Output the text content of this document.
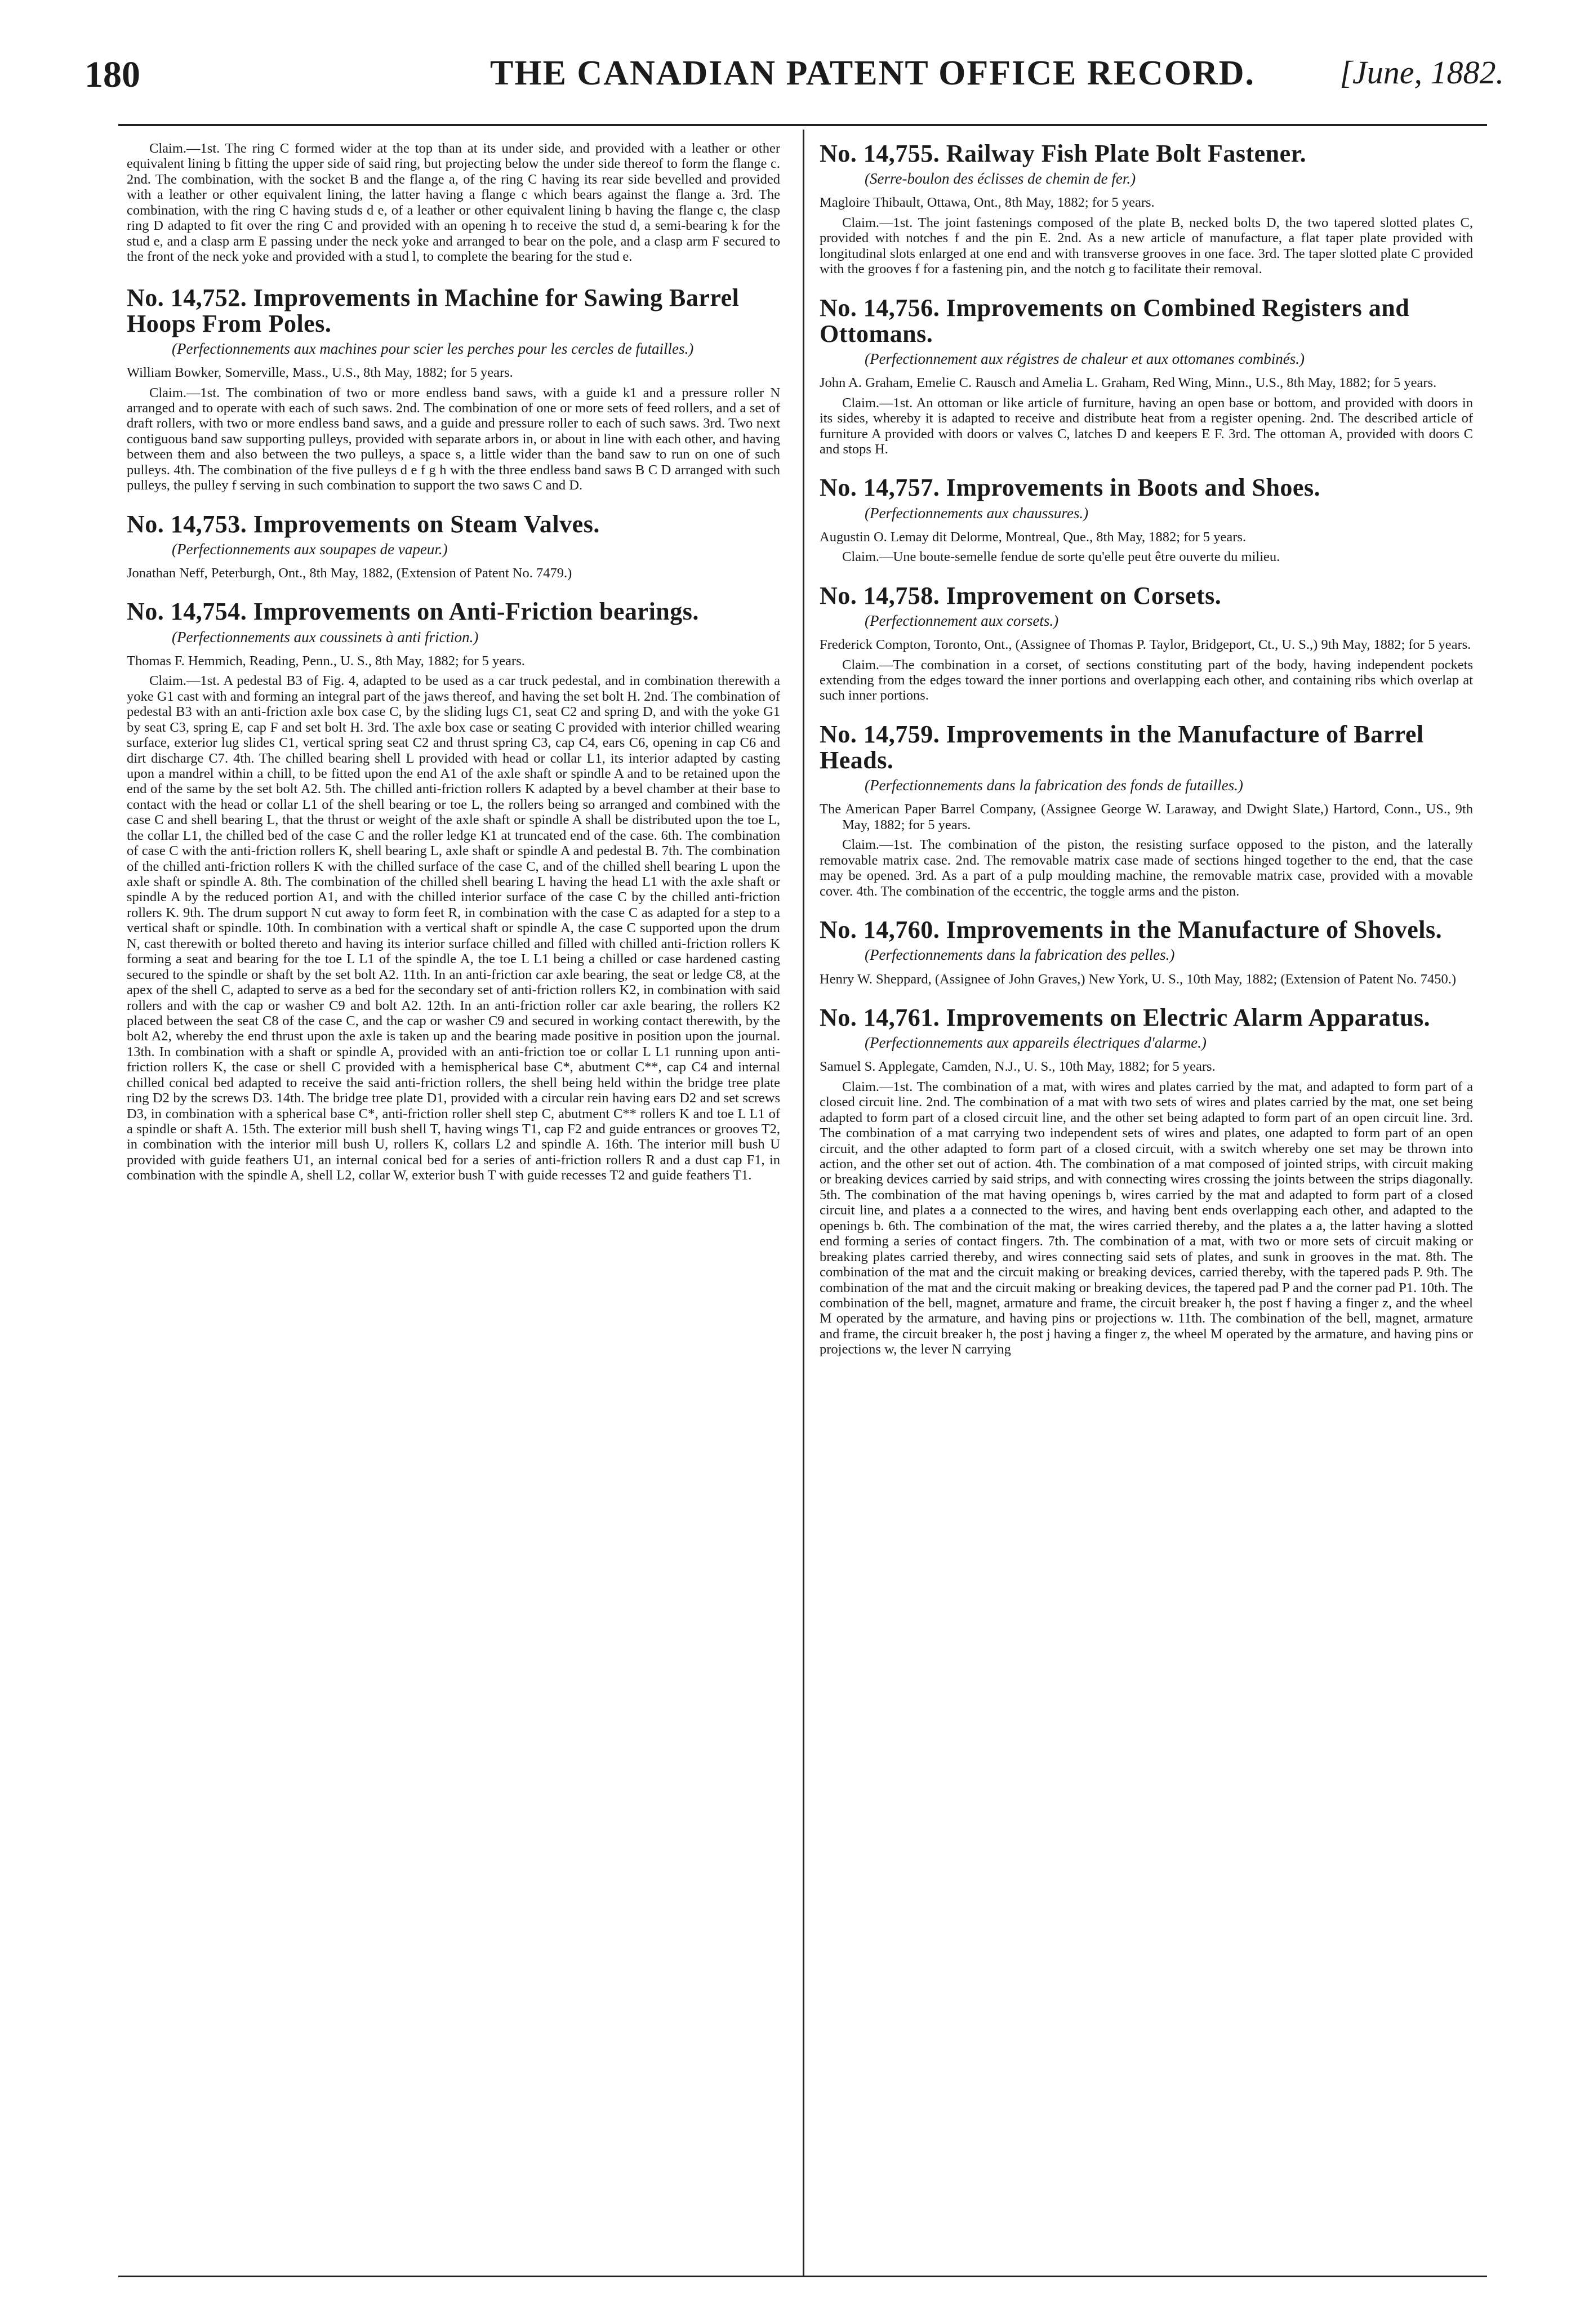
180	THE CANADIAN PATENT OFFICE RECORD.	[June, 1882.

Claim.—1st. The ring C formed wider at the top than at its under side, and provided with a leather or other equivalent lining b fitting the upper side of said ring, but projecting below the under side thereof to form the flange c. 2nd. The combination, with the socket B and the flange a, of the ring C having its rear side bevelled and provided with a leather or other equivalent lining, the latter having a flange c which bears against the flange a. 3rd. The combination, with the ring C having studs d e, of a leather or other equivalent lining b having the flange c, the clasp ring D adapted to fit over the ring C and provided with an opening h to receive the stud d, a semi-bearing k for the stud e, and a clasp arm E passing under the neck yoke and arranged to bear on the pole, and a clasp arm F secured to the front of the neck yoke and provided with a stud l, to complete the bearing for the stud e.

No. 14,752. Improvements in Machine for Sawing Barrel Hoops From Poles.

(Perfectionnements aux machines pour scier les perches pour les cercles de futailles.)

William Bowker, Somerville, Mass., U.S., 8th May, 1882; for 5 years.

Claim.—1st. The combination of two or more endless band saws, with a guide k1 and a pressure roller N arranged and to operate with each of such saws. 2nd. The combination of one or more sets of feed rollers, and a set of draft rollers, with two or more endless band saws, and a guide and pressure roller to each of such saws. 3rd. Two next contiguous band saw supporting pulleys, provided with separate arbors in, or about in line with each other, and having between them and also between the two pulleys, a space s, a little wider than the band saw to run on one of such pulleys. 4th. The combination of the five pulleys d e f g h with the three endless band saws B C D arranged with such pulleys, the pulley f serving in such combination to support the two saws C and D.

No. 14,753. Improvements on Steam Valves.

(Perfectionnements aux soupapes de vapeur.)

Jonathan Neff, Peterburgh, Ont., 8th May, 1882, (Extension of Patent No. 7479.)

No. 14,754. Improvements on Anti-Friction bearings.

(Perfectionnements aux coussinets à anti friction.)

Thomas F. Hemmich, Reading, Penn., U. S., 8th May, 1882; for 5 years.

Claim.—1st. A pedestal B3 of Fig. 4, adapted to be used as a car truck pedestal, and in combination therewith a yoke G1 cast with and forming an integral part of the jaws thereof, and having the set bolt H. 2nd. The combination of pedestal B3 with an anti-friction axle box case C, by the sliding lugs C1, seat C2 and spring D, and with the yoke G1 by seat C3, spring E, cap F and set bolt H. 3rd. The axle box case or seating C provided with interior chilled wearing surface, exterior lug slides C1, vertical spring seat C2 and thrust spring C3, cap C4, ears C6, opening in cap C6 and dirt discharge C7. 4th. The chilled bearing shell L provided with head or collar L1, its interior adapted by casting upon a mandrel within a chill, to be fitted upon the end A1 of the axle shaft or spindle A and to be retained upon the end of the same by the set bolt A2. 5th. The chilled anti-friction rollers K adapted by a bevel chamber at their base to contact with the head or collar L1 of the shell bearing or toe L, the rollers being so arranged and combined with the case C and shell bearing L, that the thrust or weight of the axle shaft or spindle A shall be distributed upon the toe L, the collar L1, the chilled bed of the case C and the roller ledge K1 at truncated end of the case. 6th. The combination of case C with the anti-friction rollers K, shell bearing L, axle shaft or spindle A and pedestal B. 7th. The combination of the chilled anti-friction rollers K with the chilled surface of the case C, and of the chilled shell bearing L upon the axle shaft or spindle A. 8th. The combination of the chilled shell bearing L having the head L1 with the axle shaft or spindle A by the reduced portion A1, and with the chilled interior surface of the case C by the chilled anti-friction rollers K. 9th. The drum support N cut away to form feet R, in combination with the case C as adapted for a step to a vertical shaft or spindle. 10th. In combination with a vertical shaft or spindle A, the case C supported upon the drum N, cast therewith or bolted thereto and having its interior surface chilled and filled with chilled anti-friction rollers K forming a seat and bearing for the toe L L1 of the spindle A, the toe L L1 being a chilled or case hardened casting secured to the spindle or shaft by the set bolt A2. 11th. In an anti-friction car axle bearing, the seat or ledge C8, at the apex of the shell C, adapted to serve as a bed for the secondary set of anti-friction rollers K2, in combination with said rollers and with the cap or washer C9 and bolt A2. 12th. In an anti-friction roller car axle bearing, the rollers K2 placed between the seat C8 of the case C, and the cap or washer C9 and secured in working contact therewith, by the bolt A2, whereby the end thrust upon the axle is taken up and the bearing made positive in position upon the journal. 13th. In combination with a shaft or spindle A, provided with an anti-friction toe or collar L L1 running upon anti-friction rollers K, the case or shell C provided with a hemispherical base C*, abutment C**, cap C4 and internal chilled conical bed adapted to receive the said anti-friction rollers, the shell being held within the bridge tree plate ring D2 by the screws D3. 14th. The bridge tree plate D1, provided with a circular rein having ears D2 and set screws D3, in combination with a spherical base C*, anti-friction roller shell step C, abutment C** rollers K and toe L L1 of a spindle or shaft A. 15th. The exterior mill bush shell T, having wings T1, cap F2 and guide entrances or grooves T2, in combination with the interior mill bush U, rollers K, collars L2 and spindle A. 16th. The interior mill bush U provided with guide feathers U1, an internal conical bed for a series of anti-friction rollers R and a dust cap F1, in combination with the spindle A, shell L2, collar W, exterior bush T with guide recesses T2 and guide feathers T1.

No. 14,755. Railway Fish Plate Bolt Fastener.

(Serre-boulon des éclisses de chemin de fer.)

Magloire Thibault, Ottawa, Ont., 8th May, 1882; for 5 years.

Claim.—1st. The joint fastenings composed of the plate B, necked bolts D, the two tapered slotted plates C, provided with notches f and the pin E. 2nd. As a new article of manufacture, a flat taper plate provided with longitudinal slots enlarged at one end and with transverse grooves in one face. 3rd. The taper slotted plate C provided with the grooves f for a fastening pin, and the notch g to facilitate their removal.

No. 14,756. Improvements on Combined Registers and Ottomans.

(Perfectionnement aux régistres de chaleur et aux ottomanes combinés.)

John A. Graham, Emelie C. Rausch and Amelia L. Graham, Red Wing, Minn., U.S., 8th May, 1882; for 5 years.

Claim.—1st. An ottoman or like article of furniture, having an open base or bottom, and provided with doors in its sides, whereby it is adapted to receive and distribute heat from a register opening. 2nd. The described article of furniture A provided with doors or valves C, latches D and keepers E F. 3rd. The ottoman A, provided with doors C and stops H.

No. 14,757. Improvements in Boots and Shoes.

(Perfectionnements aux chaussures.)

Augustin O. Lemay dit Delorme, Montreal, Que., 8th May, 1882; for 5 years.

Claim.—Une boute-semelle fendue de sorte qu'elle peut être ouverte du milieu.

No. 14,758. Improvement on Corsets.

(Perfectionnement aux corsets.)

Frederick Compton, Toronto, Ont., (Assignee of Thomas P. Taylor, Bridgeport, Ct., U. S.,) 9th May, 1882; for 5 years.

Claim.—The combination in a corset, of sections constituting part of the body, having independent pockets extending from the edges toward the inner portions and overlapping each other, and containing ribs which overlap at such inner portions.

No. 14,759. Improvements in the Manufacture of Barrel Heads.

(Perfectionnements dans la fabrication des fonds de futailles.)

The American Paper Barrel Company, (Assignee George W. Laraway, and Dwight Slate,) Hartord, Conn., US., 9th May, 1882; for 5 years.

Claim.—1st. The combination of the piston, the resisting surface opposed to the piston, and the laterally removable matrix case. 2nd. The removable matrix case made of sections hinged together to the end, that the case may be opened. 3rd. As a part of a pulp moulding machine, the removable matrix case, provided with a movable cover. 4th. The combination of the eccentric, the toggle arms and the piston.

No. 14,760. Improvements in the Manufacture of Shovels.

(Perfectionnements dans la fabrication des pelles.)

Henry W. Sheppard, (Assignee of John Graves,) New York, U. S., 10th May, 1882; (Extension of Patent No. 7450.)

No. 14,761. Improvements on Electric Alarm Apparatus.

(Perfectionnements aux appareils électriques d'alarme.)

Samuel S. Applegate, Camden, N.J., U. S., 10th May, 1882; for 5 years.

Claim.—1st. The combination of a mat, with wires and plates carried by the mat, and adapted to form part of a closed circuit line. 2nd. The combination of a mat with two sets of wires and plates carried by the mat, one set being adapted to form part of a closed circuit line, and the other set being adapted to form part of an open circuit line. 3rd. The combination of a mat carrying two independent sets of wires and plates, one adapted to form part of an open circuit, and the other adapted to form part of a closed circuit, with a switch whereby one set may be thrown into action, and the other set out of action. 4th. The combination of a mat composed of jointed strips, with circuit making or breaking devices carried by said strips, and with connecting wires crossing the joints between the strips diagonally. 5th. The combination of the mat having openings b, wires carried by the mat and adapted to form part of a closed circuit line, and plates a a connected to the wires, and having bent ends overlapping each other, and adapted to the openings b. 6th. The combination of the mat, the wires carried thereby, and the plates a a, the latter having a slotted end forming a series of contact fingers. 7th. The combination of a mat, with two or more sets of circuit making or breaking plates carried thereby, and wires connecting said sets of plates, and sunk in grooves in the mat. 8th. The combination of the mat and the circuit making or breaking devices, carried thereby, with the tapered pads P. 9th. The combination of the mat and the circuit making or breaking devices, the tapered pad P and the corner pad P1. 10th. The combination of the bell, magnet, armature and frame, the circuit breaker h, the post f having a finger z, and the wheel M operated by the armature, and having pins or projections w. 11th. The combination of the bell, magnet, armature and frame, the circuit breaker h, the post j having a finger z, the wheel M operated by the armature, and having pins or projections w, the lever N carrying
